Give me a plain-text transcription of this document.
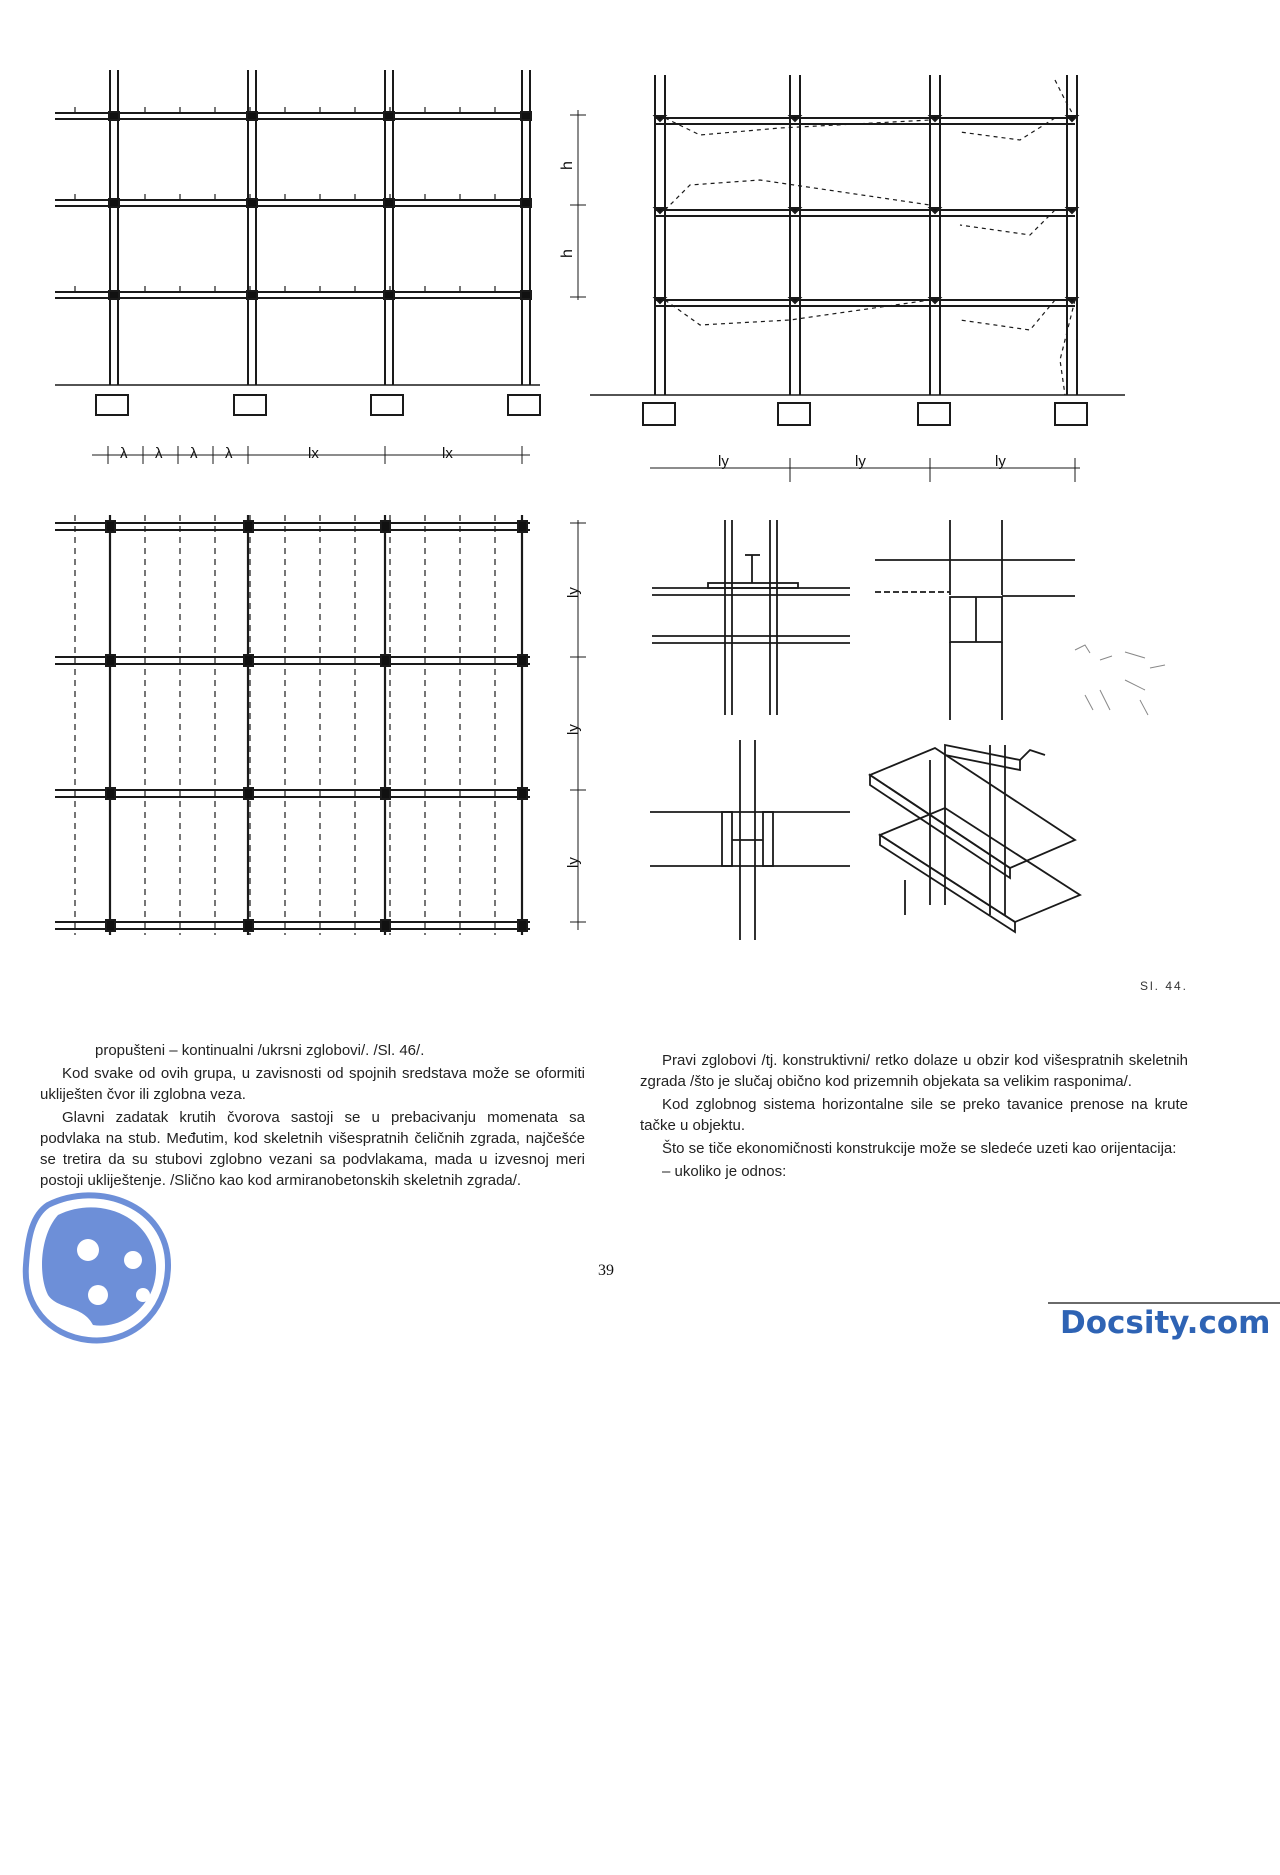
h
h
λ λ λ λ	lx	lx	ly	ly	ly
ly
ly
ly
Sl. 44.

propušteni – kontinualni /ukrsni zglobovi/. /Sl. 46/.

Kod svake od ovih grupa, u zavisnosti od spojnih sredstava može se oformiti ukliješten čvor ili zglobna veza.

Glavni zadatak krutih čvorova sastoji se u prebacivanju momenata sa podvlaka na stub. Međutim, kod skeletnih višespratnih čeličnih zgrada, najčešće se tretira da su stubovi zglobno vezani sa podvlakama, mada u izvesnoj meri postoji ukliještenje. /Slično kao kod armiranobetonskih skeletnih zgrada/.

Pravi zglobovi /tj. konstruktivni/ retko dolaze u obzir kod višespratnih skeletnih zgrada /što je slučaj obično kod prizemnih objekata sa velikim rasponima/.

Kod zglobnog sistema horizontalne sile se preko tavanice prenose na krute tačke u objektu.

Što se tiče ekonomičnosti konstrukcije može se sledeće uzeti kao orijentacija:

– ukoliko je odnos:

39
Docsity.com
